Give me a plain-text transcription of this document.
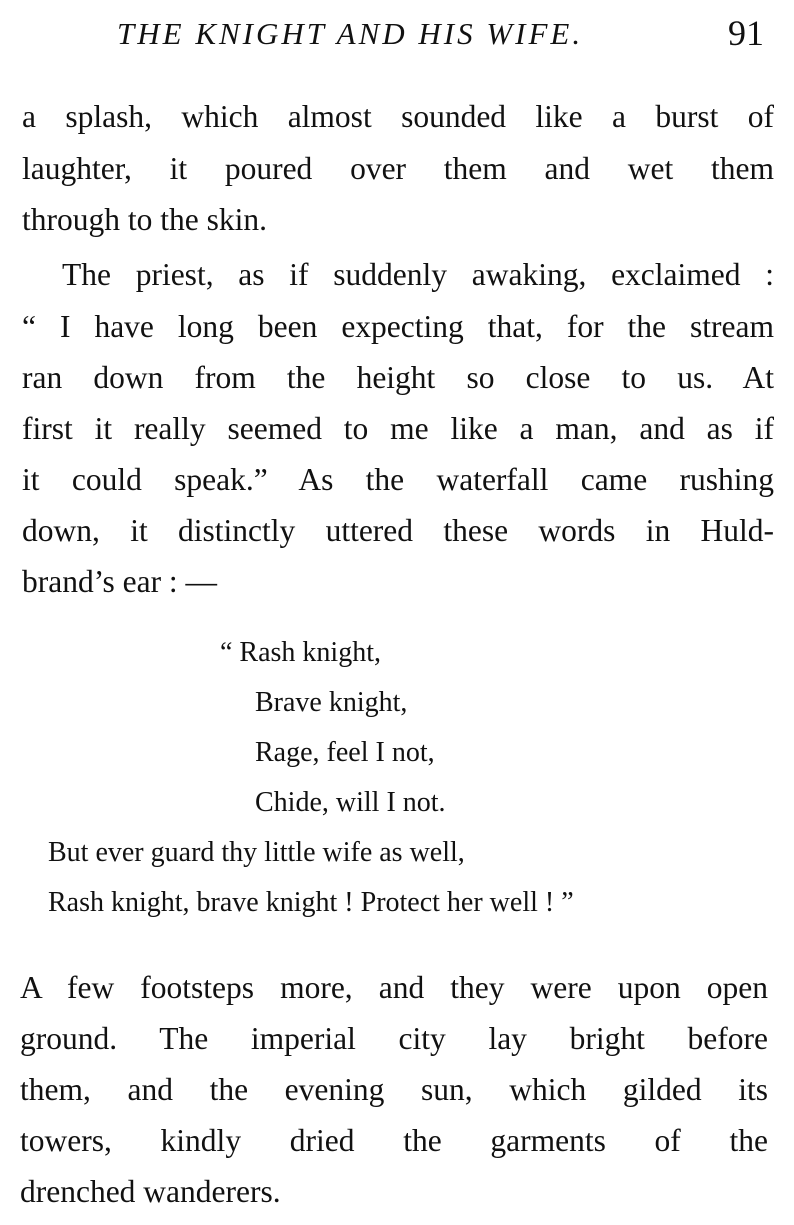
THE KNIGHT AND HIS WIFE.	91
a splash, which almost sounded like a burst of
laughter, it poured over them and wet them
through to the skin.
The priest, as if suddenly awaking, exclaimed :
“ I have long been expecting that, for the stream
ran down from the height so close to us. At
first it really seemed to me like a man, and as if
it could speak.” As the waterfall came rushing
down, it distinctly uttered these words in Huld-
brand’s ear : —
“ Rash knight,
Brave knight,
Rage, feel I not,
Chide, will I not.
But ever guard thy little wife as well,
Rash knight, brave knight ! Protect her well ! ”
A few footsteps more, and they were upon open
ground. The imperial city lay bright before
them, and the evening sun, which gilded its
towers, kindly dried the garments of the
drenched wanderers.
